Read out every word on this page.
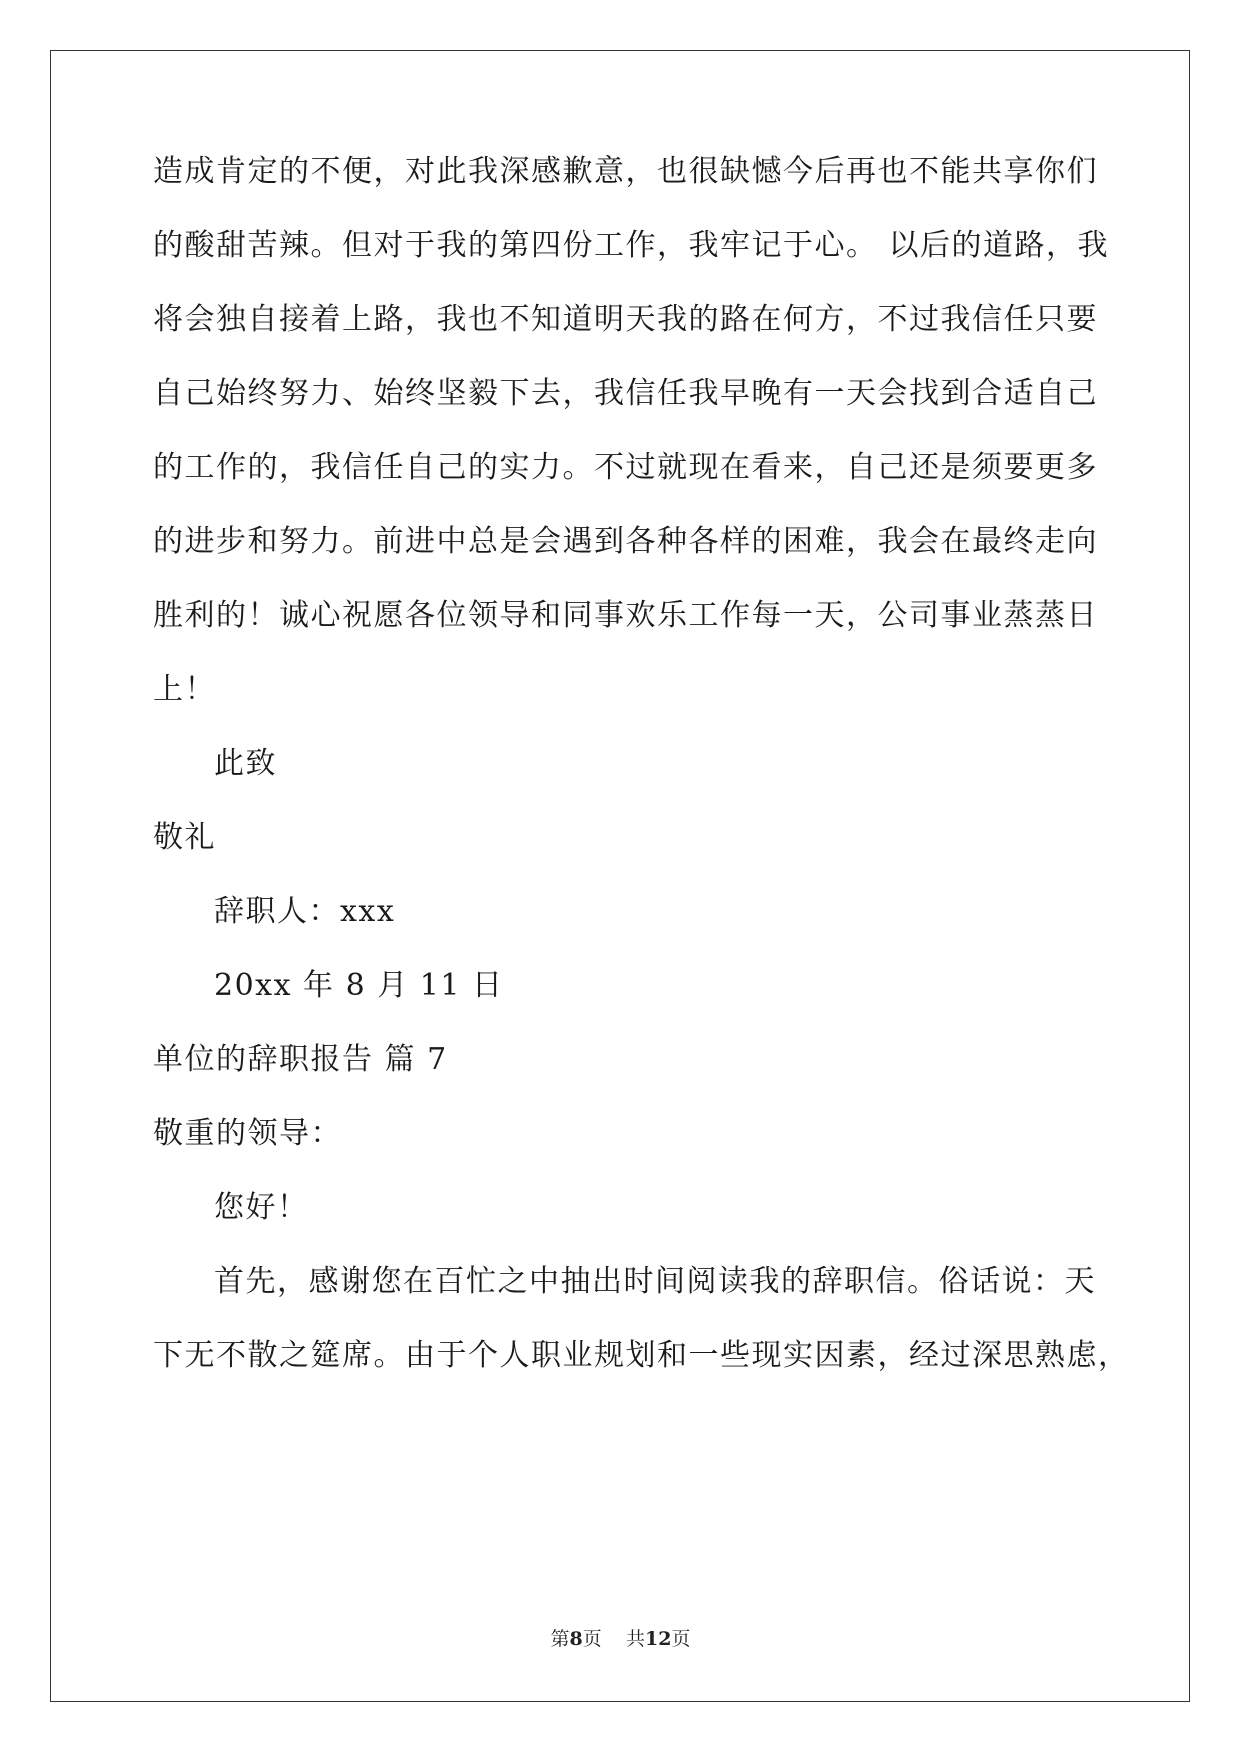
造成肯定的不便，对此我深感歉意，也很缺憾今后再也不能共享你们
的酸甜苦辣。但对于我的第四份工作，我牢记于心。 以后的道路，我
将会独自接着上路，我也不知道明天我的路在何方，不过我信任只要
自己始终努力、始终坚毅下去，我信任我早晚有一天会找到合适自己
的工作的，我信任自己的实力。不过就现在看来，自己还是须要更多
的进步和努力。前进中总是会遇到各种各样的困难，我会在最终走向
胜利的！诚心祝愿各位领导和同事欢乐工作每一天，公司事业蒸蒸日
上！
此致
敬礼
辞职人：xxx
20xx 年 8 月 11 日
单位的辞职报告 篇 7
敬重的领导：
您好！
首先，感谢您在百忙之中抽出时间阅读我的辞职信。俗话说：天
下无不散之筵席。由于个人职业规划和一些现实因素，经过深思熟虑，
第8页 共12页
